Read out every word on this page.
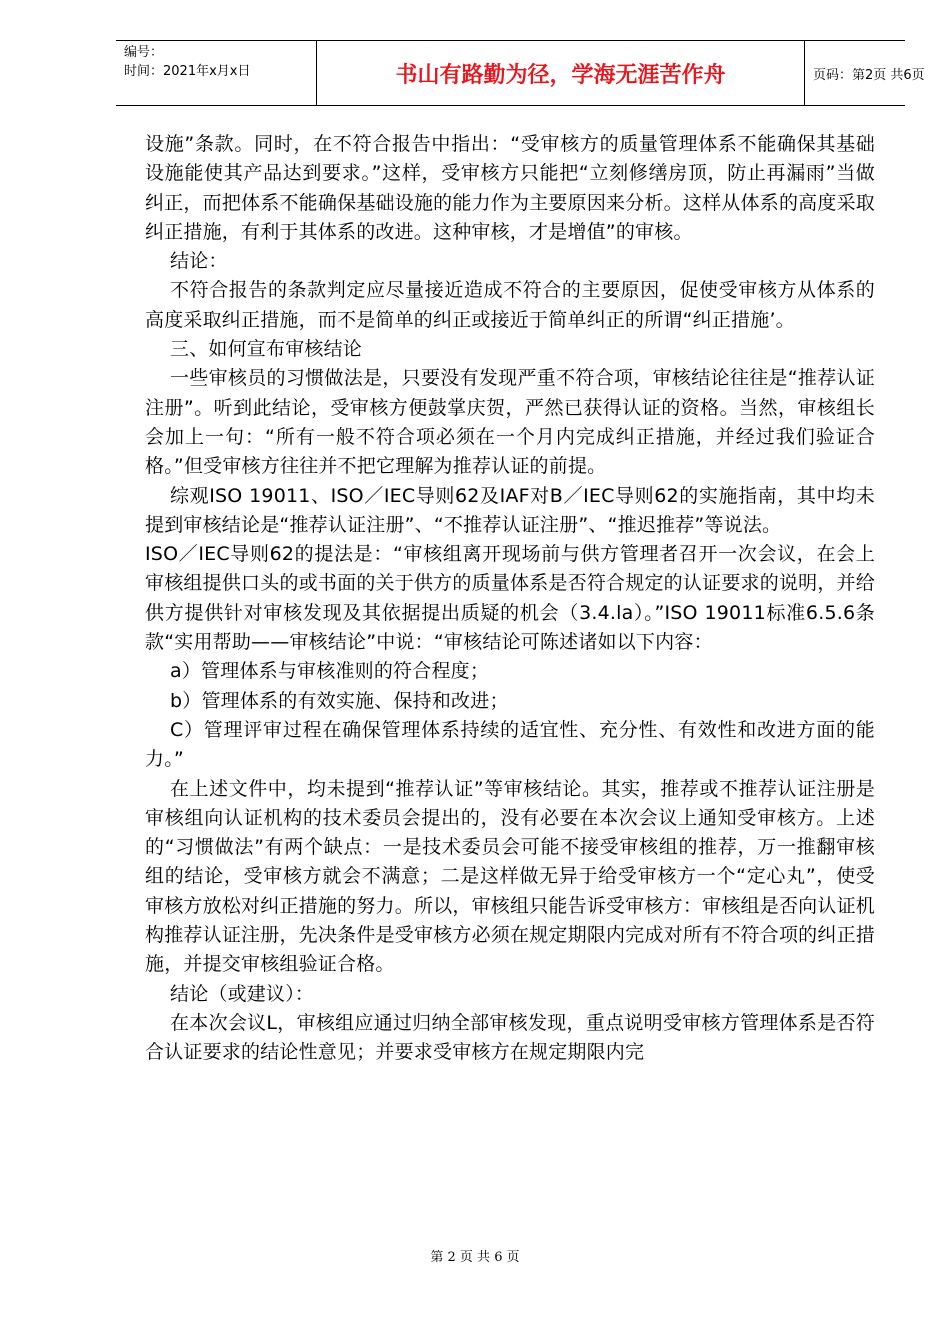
编号：
时间：2021年x月x日	书山有路勤为径，学海无涯苦作舟	页码：第2页 共6页

设施”条款。同时，在不符合报告中指出：“受审核方的质量管理体系不能确保其基础设施能使其产品达到要求。”这样，受审核方只能把“立刻修缮房顶，防止再漏雨”当做纠正，而把体系不能确保基础设施的能力作为主要原因来分析。这样从体系的高度采取纠正措施，有利于其体系的改进。这种审核，才是增值”的审核。

结论：

不符合报告的条款判定应尽量接近造成不符合的主要原因，促使受审核方从体系的高度采取纠正措施，而不是简单的纠正或接近于简单纠正的所谓“纠正措施’。

三、如何宣布审核结论

一些审核员的习惯做法是，只要没有发现严重不符合项，审核结论往往是“推荐认证注册”。听到此结论，受审核方便鼓掌庆贺，严然已获得认证的资格。当然，审核组长会加上一句：“所有一般不符合项必须在一个月内完成纠正措施，并经过我们验证合格。”但受审核方往往并不把它理解为推荐认证的前提。

综观ISO 19011、ISO／IEC导则62及IAF对B／IEC导则62的实施指南，其中均未提到审核结论是“推荐认证注册”、“不推荐认证注册”、“推迟推荐”等说法。

ISO／IEC导则62的提法是：“审核组离开现场前与供方管理者召开一次会议，在会上审核组提供口头的或书面的关于供方的质量体系是否符合规定的认证要求的说明，并给供方提供针对审核发现及其依据提出质疑的机会（3.4.la）。”ISO 19011标准6.5.6条款“实用帮助——审核结论”中说：“审核结论可陈述诸如以下内容：

a）管理体系与审核准则的符合程度；

b）管理体系的有效实施、保持和改进；

C）管理评审过程在确保管理体系持续的适宜性、充分性、有效性和改进方面的能力。”

在上述文件中，均未提到“推荐认证”等审核结论。其实，推荐或不推荐认证注册是审核组向认证机构的技术委员会提出的，没有必要在本次会议上通知受审核方。上述的“习惯做法”有两个缺点：一是技术委员会可能不接受审核组的推荐，万一推翻审核组的结论，受审核方就会不满意；二是这样做无异于给受审核方一个“定心丸”，使受审核方放松对纠正措施的努力。所以，审核组只能告诉受审核方：审核组是否向认证机构推荐认证注册，先决条件是受审核方必须在规定期限内完成对所有不符合项的纠正措施，并提交审核组验证合格。

结论（或建议）：

在本次会议L，审核组应通过归纳全部审核发现，重点说明受审核方管理体系是否符合认证要求的结论性意见；并要求受审核方在规定期限内完

第 2 页 共 6 页
